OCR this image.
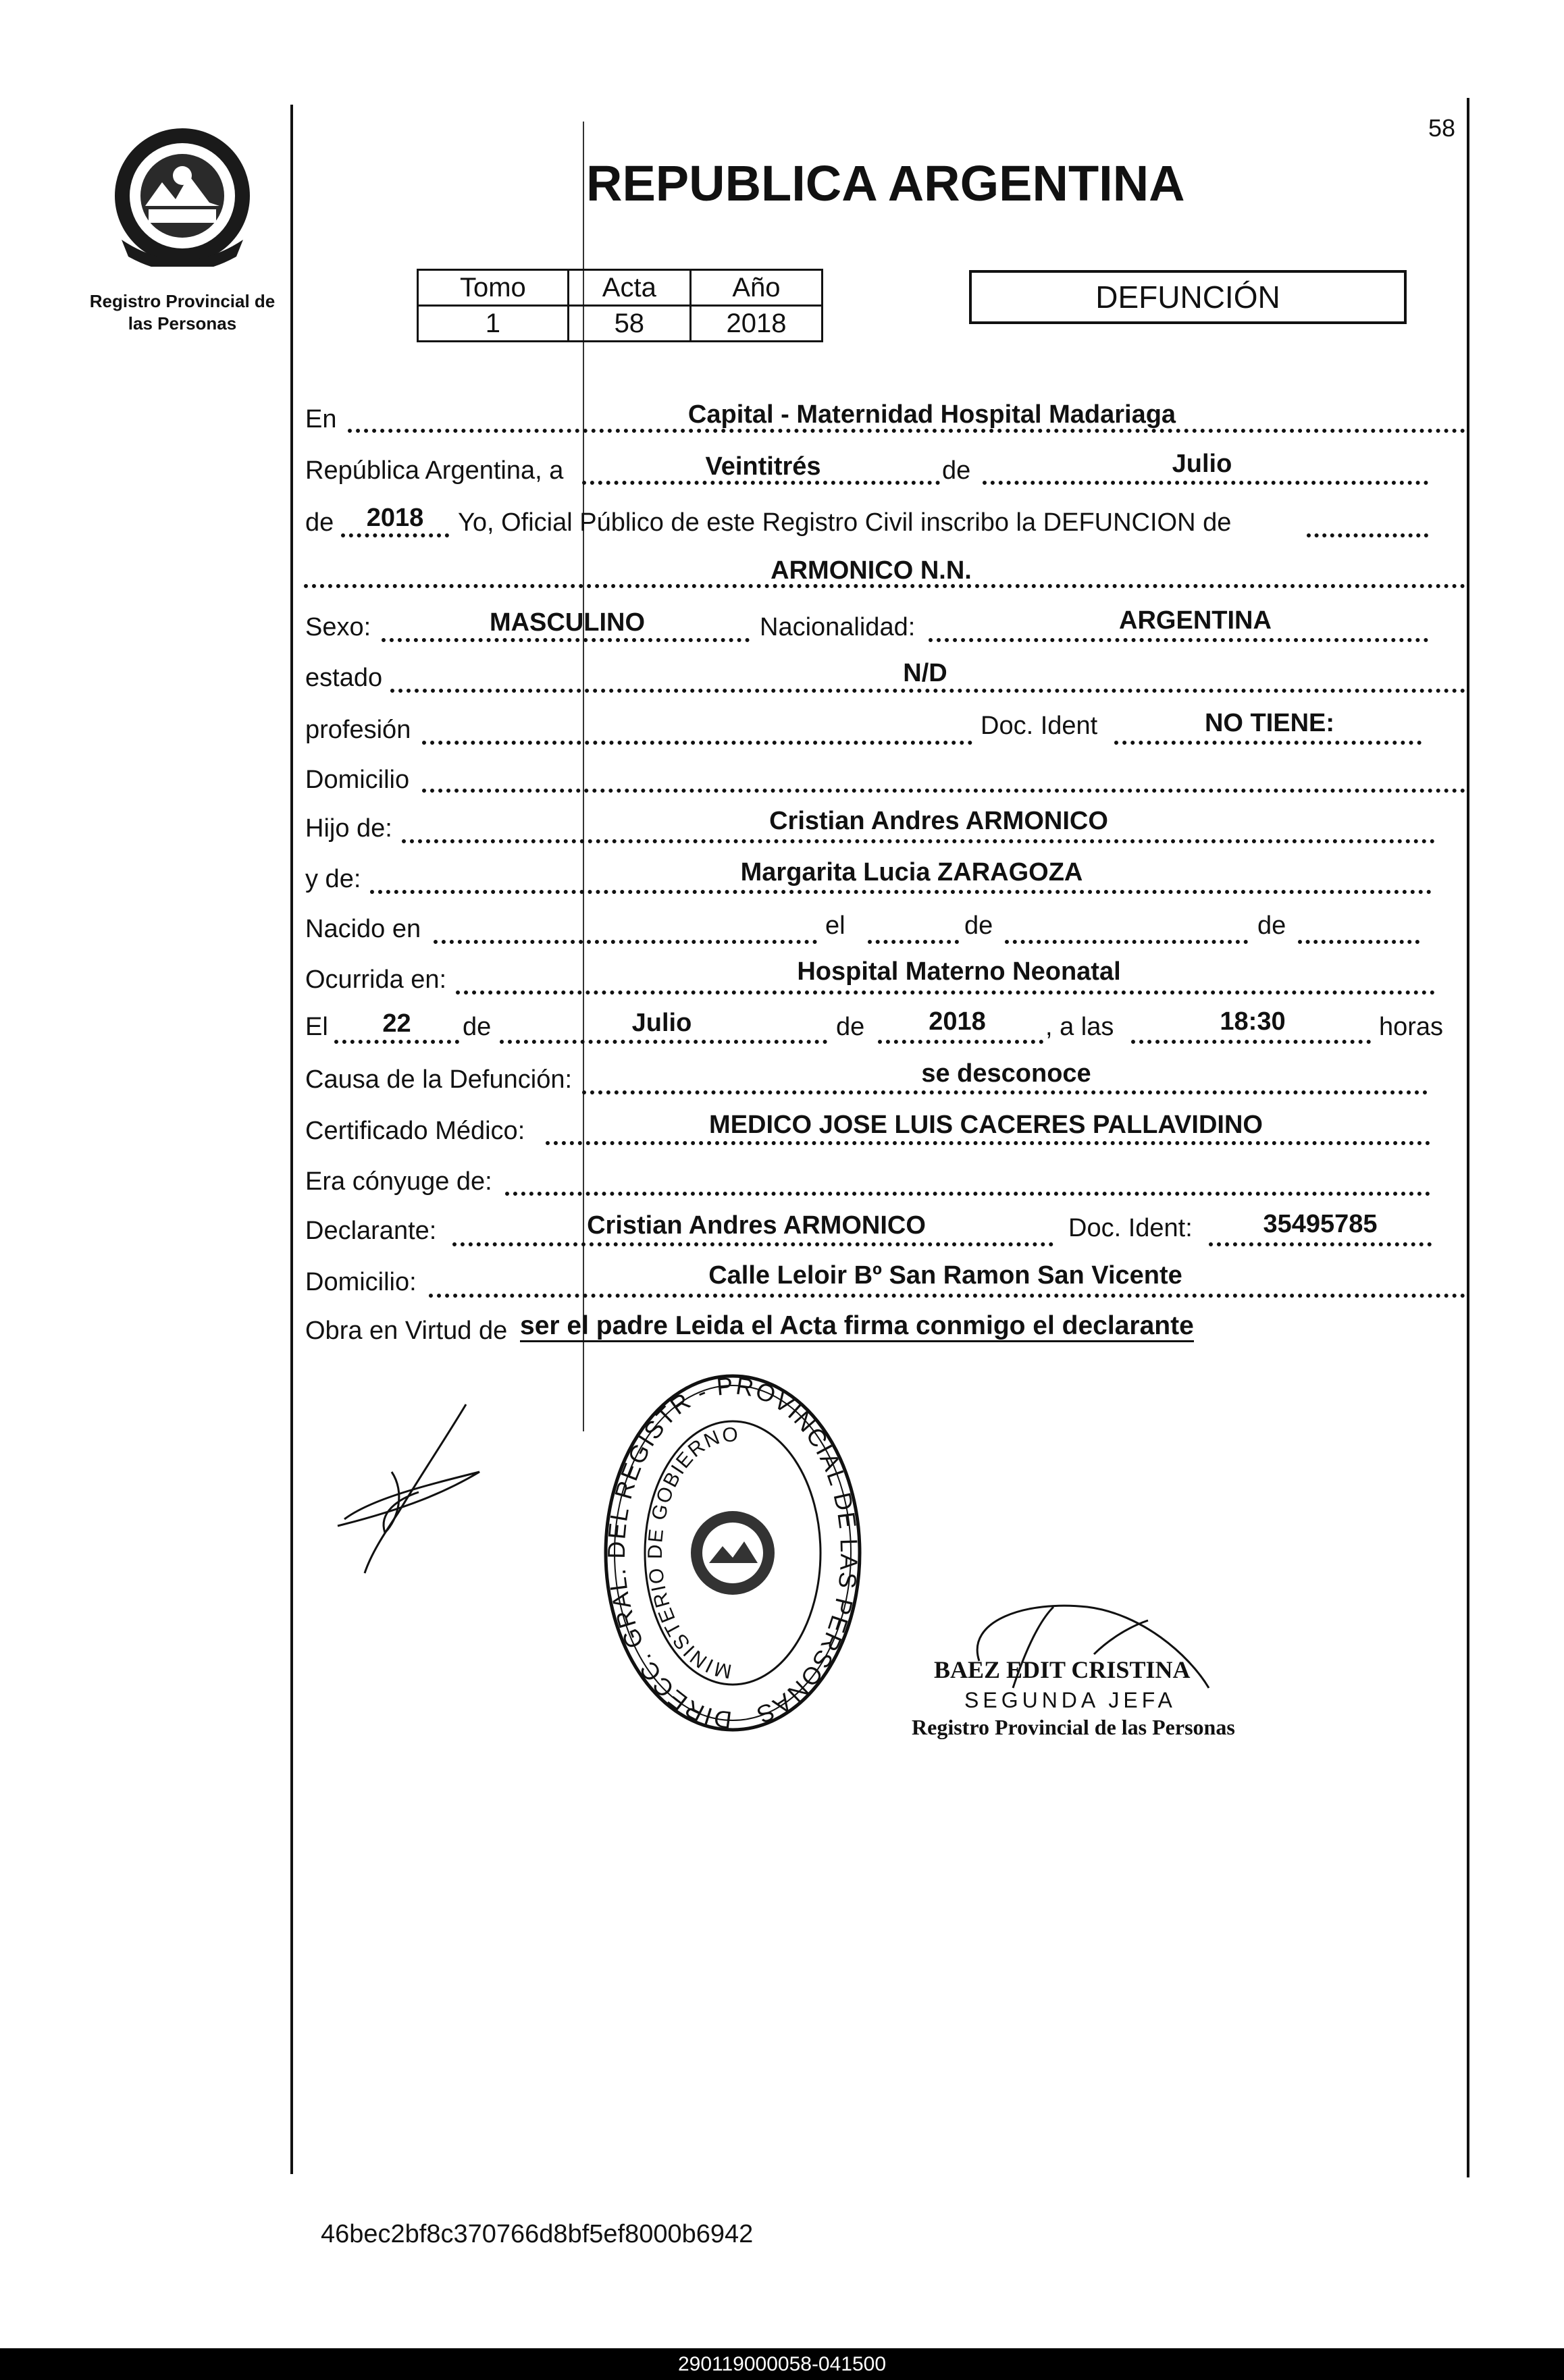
Registro Provincial de
las Personas
58
REPUBLICA ARGENTINA
Tomo	Acta	Año
1	58	2018
DEFUNCIÓN
En	Capital - Maternidad Hospital Madariaga
República Argentina, a	Veintitrés	de	Julio
de	2018	Yo, Oficial Público de este Registro Civil inscribo la DEFUNCION de
ARMONICO N.N.
Sexo:	MASCULINO	Nacionalidad:	ARGENTINA
estado	N/D
profesión	Doc. Ident	NO TIENE:
Domicilio
Hijo de:	Cristian Andres ARMONICO
y de:	Margarita Lucia ZARAGOZA
Nacido en	el	de	de
Ocurrida en:	Hospital Materno Neonatal
El	22	de	Julio	de	2018	, a las	18:30	horas
Causa de la Defunción:	se desconoce
Certificado Médico:	MEDICO JOSE LUIS CACERES PALLAVIDINO
Era cónyuge de:
Declarante:	Cristian Andres ARMONICO	Doc. Ident:	35495785
Domicilio:	Calle Leloir Bº San Ramon San Vicente
Obra en Virtud de ser el padre Leida el Acta firma conmigo el declarante
DIRECC. GRAL. DEL REGISTR - PROVINCIAL DE LAS PERSONAS
MINISTERIO DE GOBIERNO
BAEZ EDIT CRISTINA
SEGUNDA JEFA
Registro Provincial de las Personas
46bec2bf8c370766d8bf5ef8000b6942
290119000058-041500
